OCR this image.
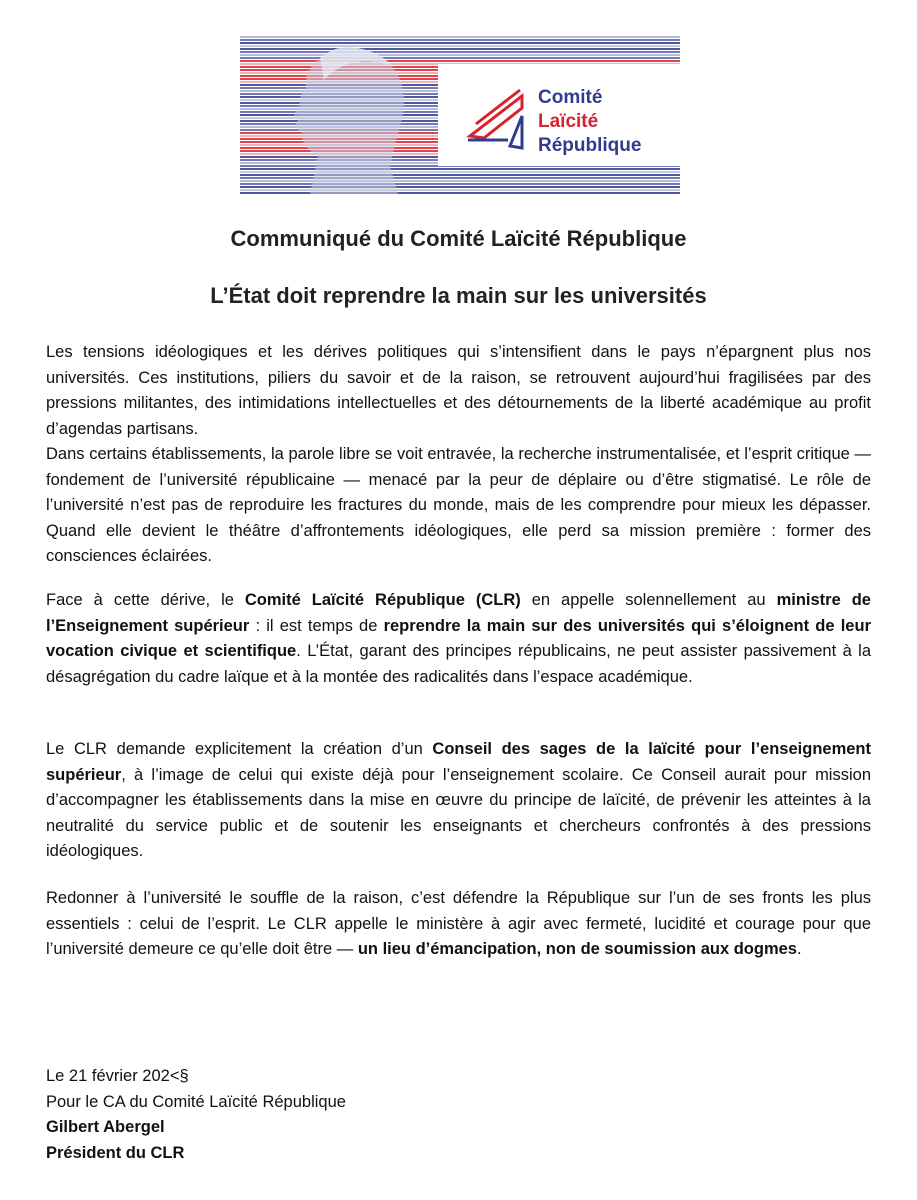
Comité
Laïcité
République
Communiqué du Comité Laïcité République
L’État doit reprendre la main sur les universités

Les tensions idéologiques et les dérives politiques qui s’intensifient dans le pays n’épargnent plus nos universités. Ces institutions, piliers du savoir et de la raison, se retrouvent aujourd’hui fragilisées par des pressions militantes, des intimidations intellectuelles et des détournements de la liberté académique au profit d’agendas partisans.

Dans certains établissements, la parole libre se voit entravée, la recherche instrumentalisée, et l’esprit critique — fondement de l’université républicaine — menacé par la peur de déplaire ou d’être stigmatisé. Le rôle de l’université n’est pas de reproduire les fractures du monde, mais de les comprendre pour mieux les dépasser. Quand elle devient le théâtre d’affrontements idéologiques, elle perd sa mission première : former des consciences éclairées.

Face à cette dérive, le Comité Laïcité République (CLR) en appelle solennellement au ministre de l’Enseignement supérieur : il est temps de reprendre la main sur des universités qui s’éloignent de leur vocation civique et scientifique. L’État, garant des principes républicains, ne peut assister passivement à la désagrégation du cadre laïque et à la montée des radicalités dans l’espace académique.

Le CLR demande explicitement la création d’un Conseil des sages de la laïcité pour l’enseignement supérieur, à l’image de celui qui existe déjà pour l’enseignement scolaire. Ce Conseil aurait pour mission d’accompagner les établissements dans la mise en œuvre du principe de laïcité, de prévenir les atteintes à la neutralité du service public et de soutenir les enseignants et chercheurs confrontés à des pressions idéologiques.

Redonner à l’université le souffle de la raison, c’est défendre la République sur l’un de ses fronts les plus essentiels : celui de l’esprit. Le CLR appelle le ministère à agir avec fermeté, lucidité et courage pour que l’université demeure ce qu’elle doit être — un lieu d’émancipation, non de soumission aux dogmes.

Le 21 février 202<§
Pour le CA du Comité Laïcité République
Gilbert Abergel
Président du CLR
